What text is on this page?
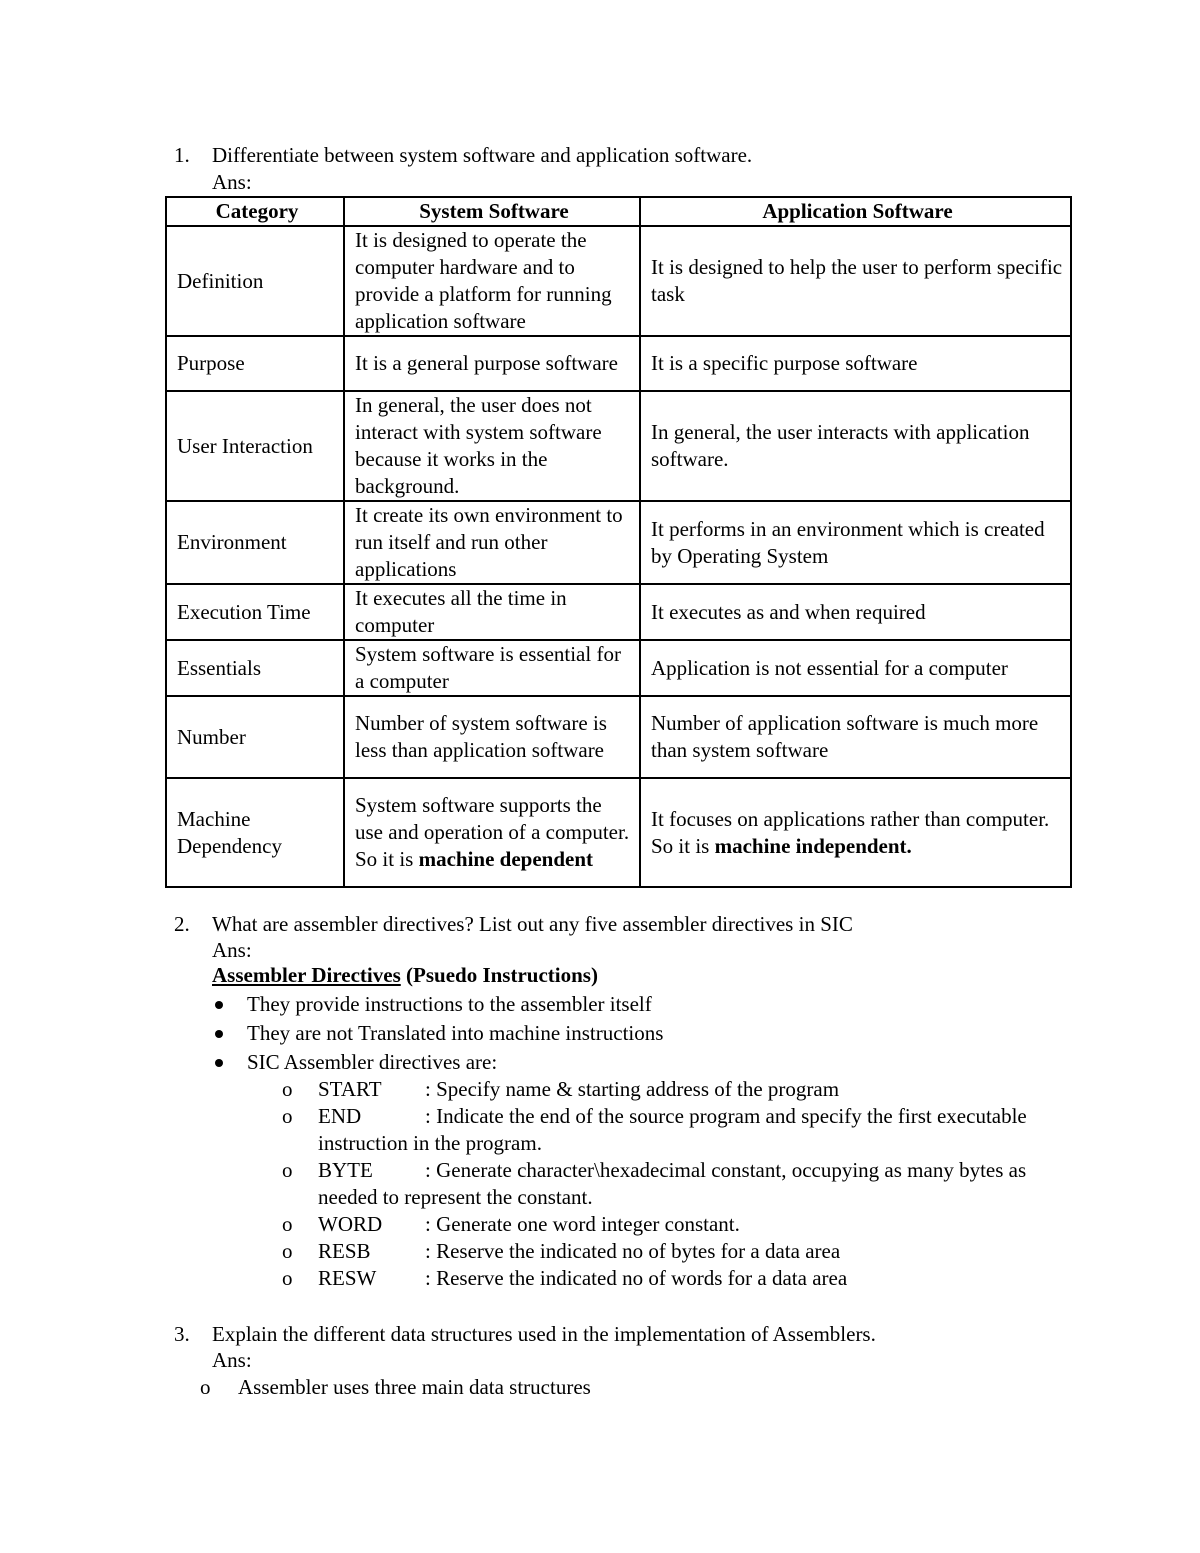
1. Differentiate between system software and application software.
Ans:
Category	System Software	Application Software
Definition	It is designed to operate the computer hardware and to provide a platform for running application software	It is designed to help the user to perform specific task
Purpose	It is a general purpose software	It is a specific purpose software
User Interaction	In general, the user does not interact with system software because it works in the background.	In general, the user interacts with application software.
Environment	It create its own environment to run itself and run other applications	It performs in an environment which is created by Operating System
Execution Time	It executes all the time in computer	It executes as and when required
Essentials	System software is essential for a computer	Application is not essential for a computer
Number	Number of system software is less than application software	Number of application software is much more than system software
Machine Dependency	System software supports the use and operation of a computer. So it is machine dependent	It focuses on applications rather than computer. So it is machine independent.
2. What are assembler directives? List out any five assembler directives in SIC
Ans:
Assembler Directives (Psuedo Instructions)
They provide instructions to the assembler itself
They are not Translated into machine instructions
SIC Assembler directives are:
o START : Specify name & starting address of the program
o END	: Indicate the end of the source program and specify the first executable instruction in the program.
o BYTE : Generate character\hexadecimal constant, occupying as many bytes as needed to represent the constant.
o WORD : Generate one word integer constant.
o RESB	: Reserve the indicated no of bytes for a data area
o RESW : Reserve the indicated no of words for a data area
3. Explain the different data structures used in the implementation of Assemblers.
Ans:
o Assembler uses three main data structures
